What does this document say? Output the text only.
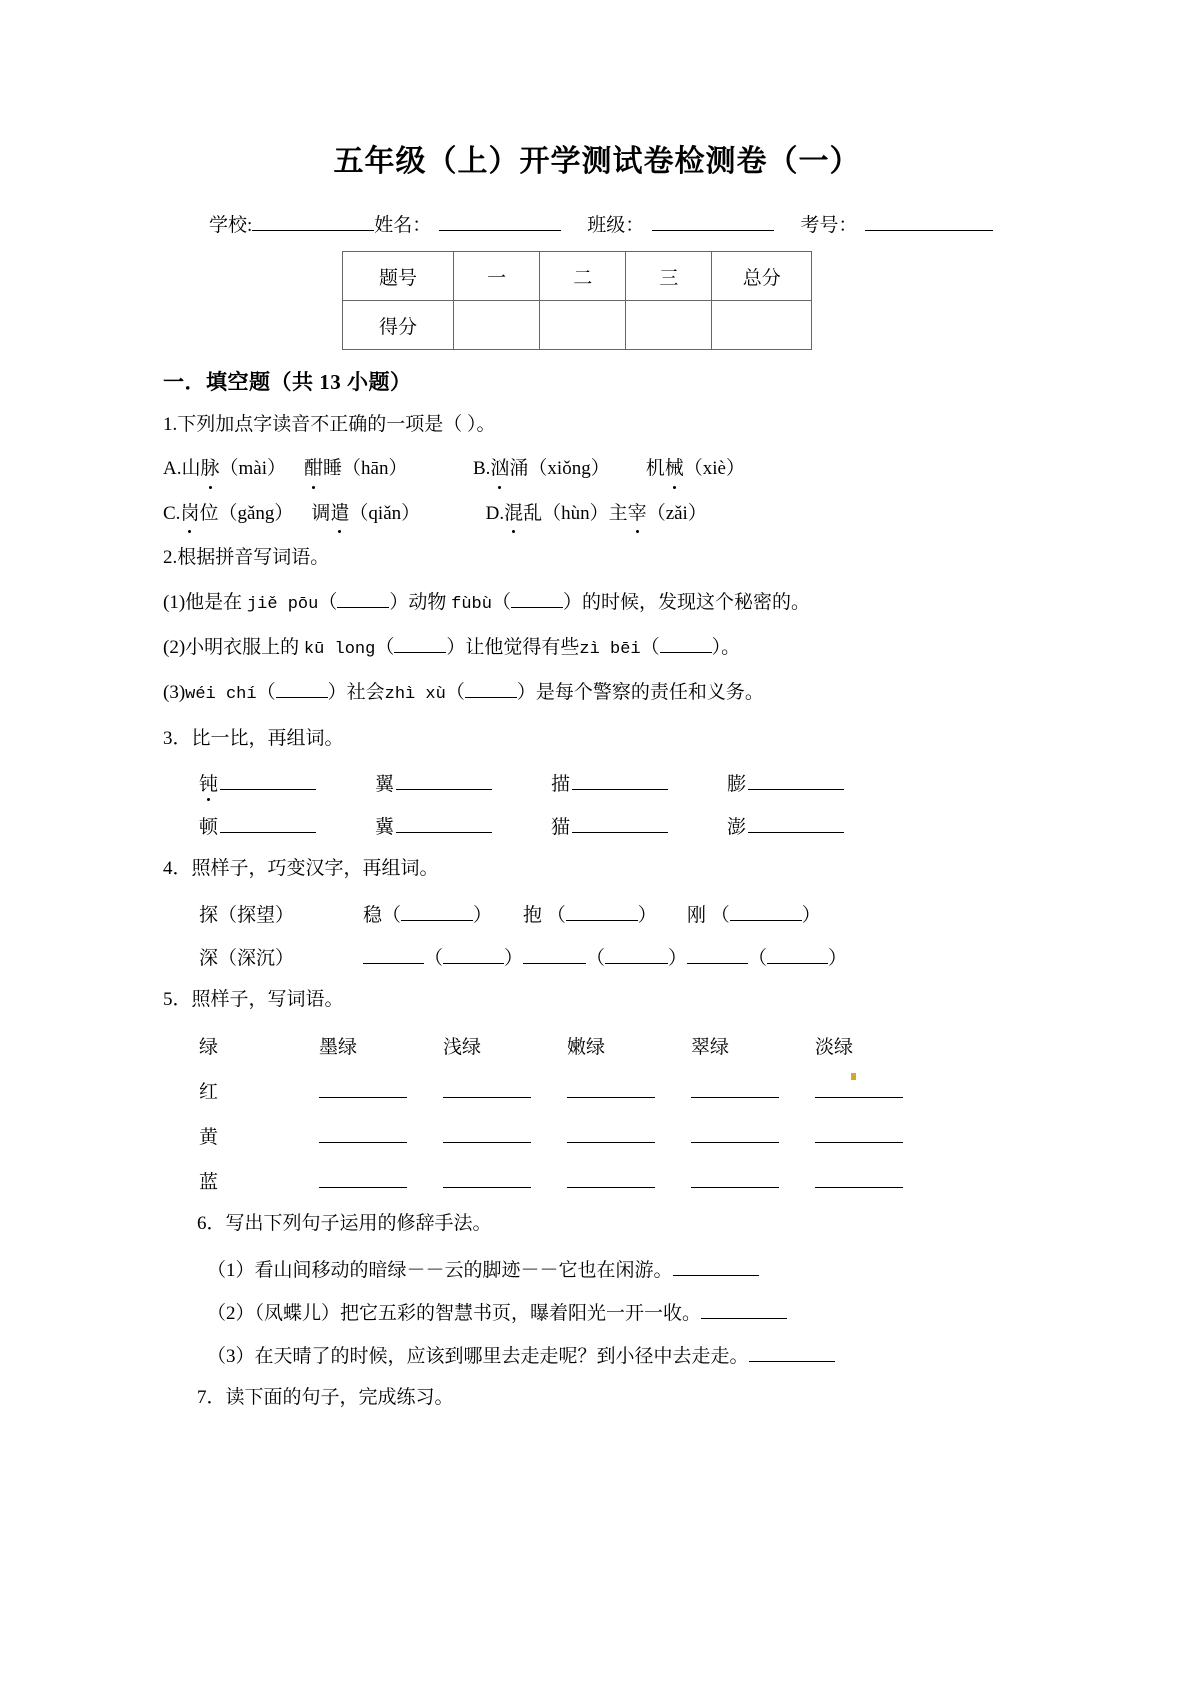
五年级（上）开学测试卷检测卷（一）
学校:	姓名：	班级：	考号：
题号	一	二	三	总分
得分				
一．填空题（共 13 小题）
1.下列加点字读音不正确的一项是（ ）。
A.山脉（mài） 酣睡（hān）	B.汹涌（xiǒng） 机械（xiè）
C.岗位（gǎng） 调遣（qiǎn）	D.混乱（hùn）主宰（zǎi）
2.根据拼音写词语。
(1)他是在 jiě pōu（	）动物 fùbù（	）的时候，发现这个秘密的。
(2)小明衣服上的 kū long（	）让他觉得有些zì bēi（	）。
(3)wéi chí（	）社会zhì xù（	）是每个警察的责任和义务。
3．比一比，再组词。
钝	翼	描	膨
顿	冀	猫	澎
4．照样子，巧变汉字，再组词。
探 （探望）	稳 （	） 抱 （	） 刚 （	）
深 （深沉）	（	）	（	）	（	）
5．照样子，写词语。
绿	墨绿	浅绿	嫩绿	翠绿	淡绿
红
黄
蓝
6．写出下列句子运用的修辞手法。
（1）看山间移动的暗绿－－云的脚迹－－它也在闲游。
（2）（凤蝶儿）把它五彩的智慧书页，曝着阳光一开一收。
（3）在天晴了的时候，应该到哪里去走走呢？到小径中去走走。
7．读下面的句子，完成练习。
